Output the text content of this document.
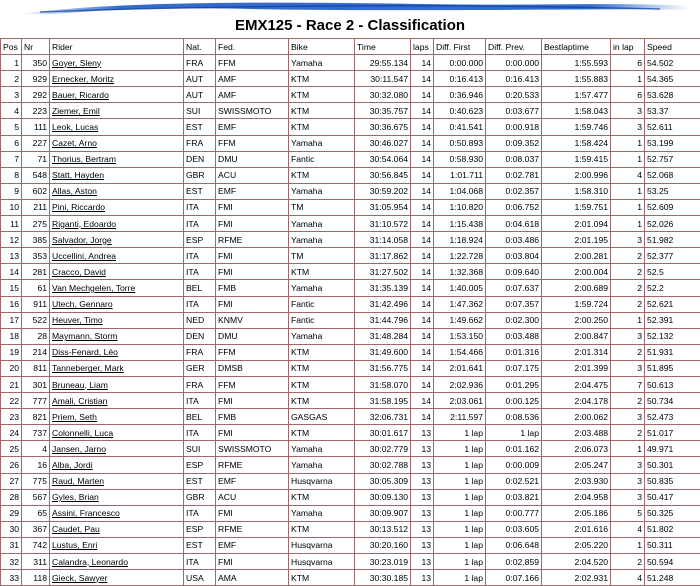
EMX125 - Race 2 - Classification
Pos	Nr	Rider	Nat.	Fed.	Bike	Time	laps	Diff. First	Diff. Prev.	Bestlaptime	in lap	Speed
1	350	Goyer, Sleny	FRA	FFM	Yamaha	29:55.134	14	0:00.000	0:00.000	1:55.593	6	54.502
2	929	Ernecker, Moritz	AUT	AMF	KTM	30:11.547	14	0:16.413	0:16.413	1:55.883	1	54.365
3	292	Bauer, Ricardo	AUT	AMF	KTM	30:32.080	14	0:36.946	0:20.533	1:57.477	6	53.628
4	223	Ziemer, Emil	SUI	SWISSMOTO	KTM	30:35.757	14	0:40.623	0:03.677	1:58.043	3	53.37
5	111	Leok, Lucas	EST	EMF	KTM	30:36.675	14	0:41.541	0:00.918	1:59.746	3	52.611
6	227	Cazet, Arno	FRA	FFM	Yamaha	30:46.027	14	0:50.893	0:09.352	1:58.424	1	53.199
7	71	Thorius, Bertram	DEN	DMU	Fantic	30:54.064	14	0:58.930	0:08.037	1:59.415	1	52.757
8	548	Statt, Hayden	GBR	ACU	KTM	30:56.845	14	1:01.711	0:02.781	2:00.996	4	52.068
9	602	Allas, Aston	EST	EMF	Yamaha	30:59.202	14	1:04.068	0:02.357	1:58.310	1	53.25
10	211	Pini, Riccardo	ITA	FMI	TM	31:05.954	14	1:10.820	0:06.752	1:59.751	1	52.609
11	275	Riganti, Edoardo	ITA	FMI	Yamaha	31:10.572	14	1:15.438	0:04.618	2:01.094	1	52.026
12	385	Salvador, Jorge	ESP	RFME	Yamaha	31:14.058	14	1:18.924	0:03.486	2:01.195	3	51.982
13	353	Uccellini, Andrea	ITA	FMI	TM	31:17.862	14	1:22.728	0:03.804	2:00.281	2	52.377
14	281	Cracco, David	ITA	FMI	KTM	31:27.502	14	1:32.368	0:09.640	2:00.004	2	52.5
15	61	Van Mechgelen, Torre	BEL	FMB	Yamaha	31:35.139	14	1:40.005	0:07.637	2:00.689	2	52.2
16	911	Utech, Gennaro	ITA	FMI	Fantic	31:42.496	14	1:47.362	0:07.357	1:59.724	2	52.621
17	522	Heuver, Timo	NED	KNMV	Fantic	31:44.796	14	1:49.662	0:02.300	2:00.250	1	52.391
18	28	Maymann, Storm	DEN	DMU	Yamaha	31:48.284	14	1:53.150	0:03.488	2:00.847	3	52.132
19	214	Diss-Fenard, Léo	FRA	FFM	KTM	31:49.600	14	1:54.466	0:01.316	2:01.314	2	51.931
20	811	Tanneberger, Mark	GER	DMSB	KTM	31:56.775	14	2:01.641	0:07.175	2:01.399	3	51.895
21	301	Bruneau, Liam	FRA	FFM	KTM	31:58.070	14	2:02.936	0:01.295	2:04.475	7	50.613
22	777	Amali, Cristian	ITA	FMI	KTM	31:58.195	14	2:03.061	0:00.125	2:04.178	2	50.734
23	821	Priem, Seth	BEL	FMB	GASGAS	32:06.731	14	2:11.597	0:08.536	2:00.062	3	52.473
24	737	Colonnelli, Luca	ITA	FMI	KTM	30:01.617	13	1 lap	1 lap	2:03.488	2	51.017
25	4	Jansen, Jarno	SUI	SWISSMOTO	Yamaha	30:02.779	13	1 lap	0:01.162	2:06.073	1	49.971
26	16	Alba, Jordi	ESP	RFME	Yamaha	30:02.788	13	1 lap	0:00.009	2:05.247	3	50.301
27	775	Raud, Marten	EST	EMF	Husqvarna	30:05.309	13	1 lap	0:02.521	2:03.930	3	50.835
28	567	Gyles, Brian	GBR	ACU	KTM	30:09.130	13	1 lap	0:03.821	2:04.958	3	50.417
29	65	Assini, Francesco	ITA	FMI	Yamaha	30:09.907	13	1 lap	0:00.777	2:05.186	5	50.325
30	367	Caudet, Pau	ESP	RFME	KTM	30:13.512	13	1 lap	0:03.605	2:01.616	4	51.802
31	742	Lustus, Enri	EST	EMF	Husqvarna	30:20.160	13	1 lap	0:06.648	2:05.220	1	50.311
32	311	Calandra, Leonardo	ITA	FMI	Husqvarna	30:23.019	13	1 lap	0:02.859	2:04.520	2	50.594
33	118	Gieck, Sawyer	USA	AMA	KTM	30:30.185	13	1 lap	0:07.166	2:02.931	4	51.248
